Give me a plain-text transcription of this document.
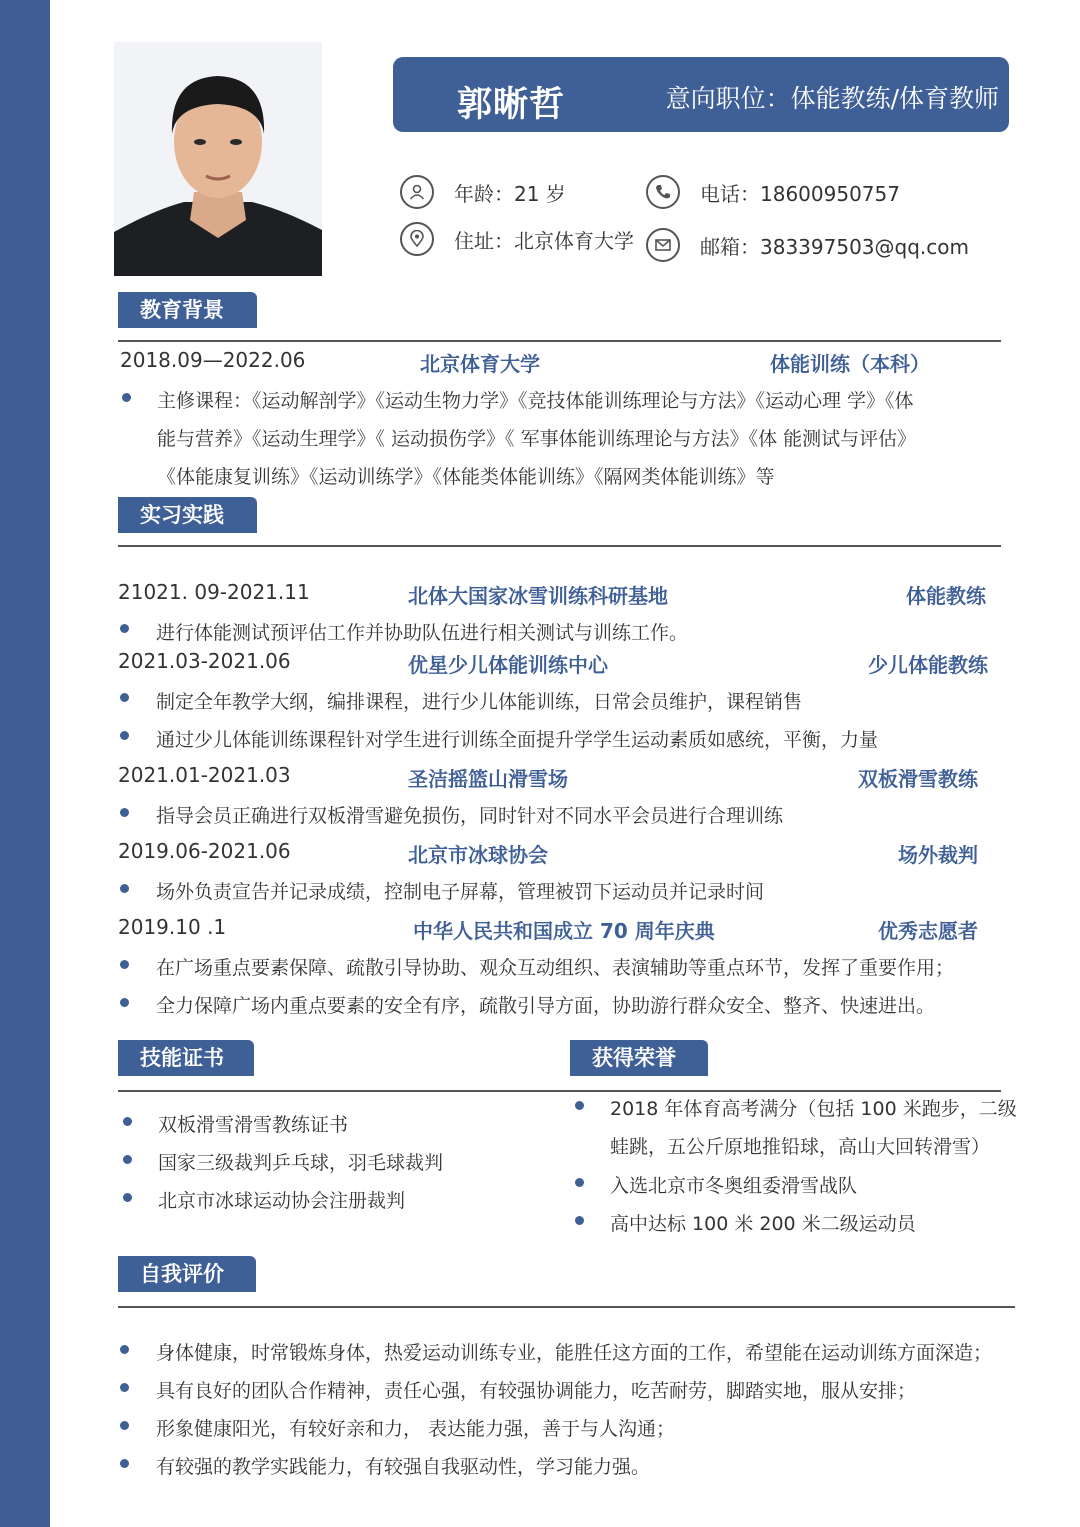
郭晰哲	意向职位：体能教练/体育教师
年龄：21 岁
住址：北京体育大学
电话：18600950757
邮箱：383397503@qq.com
教育背景
2018.09—2022.06	北京体育大学	体能训练（本科）
主修课程：《运动解剖学》《运动生物力学》《竞技体能训练理论与方法》《运动心理 学》《体
能与营养》《运动生理学》《 运动损伤学》《 军事体能训练理论与方法》《体 能测试与评估》
《体能康复训练》《运动训练学》《体能类体能训练》《隔网类体能训练》等
实习实践
21021. 09-2021.11	北体大国家冰雪训练科研基地	体能教练
进行体能测试预评估工作并协助队伍进行相关测试与训练工作。
2021.03-2021.06	优星少儿体能训练中心	少儿体能教练
制定全年教学大纲，编排课程，进行少儿体能训练，日常会员维护，课程销售
通过少儿体能训练课程针对学生进行训练全面提升学学生运动素质如感统，平衡，力量
2021.01-2021.03	圣洁摇篮山滑雪场	双板滑雪教练
指导会员正确进行双板滑雪避免损伤，同时针对不同水平会员进行合理训练
2019.06-2021.06	北京市冰球协会	场外裁判
场外负责宣告并记录成绩，控制电子屏幕，管理被罚下运动员并记录时间
2019.10 .1	中华人民共和国成立 70 周年庆典	优秀志愿者
在广场重点要素保障、疏散引导协助、观众互动组织、表演辅助等重点环节，发挥了重要作用；
全力保障广场内重点要素的安全有序，疏散引导方面，协助游行群众安全、整齐、快速进出。
技能证书	获得荣誉
双板滑雪滑雪教练证书
国家三级裁判乒乓球，羽毛球裁判
北京市冰球运动协会注册裁判
2018 年体育高考满分（包括 100 米跑步，二级
蛙跳，五公斤原地推铅球，高山大回转滑雪）
入选北京市冬奥组委滑雪战队
高中达标 100 米 200 米二级运动员
自我评价
身体健康，时常锻炼身体，热爱运动训练专业，能胜任这方面的工作，希望能在运动训练方面深造；
具有良好的团队合作精神，责任心强，有较强协调能力，吃苦耐劳，脚踏实地，服从安排；
形象健康阳光，有较好亲和力， 表达能力强，善于与人沟通；
有较强的教学实践能力，有较强自我驱动性，学习能力强。
